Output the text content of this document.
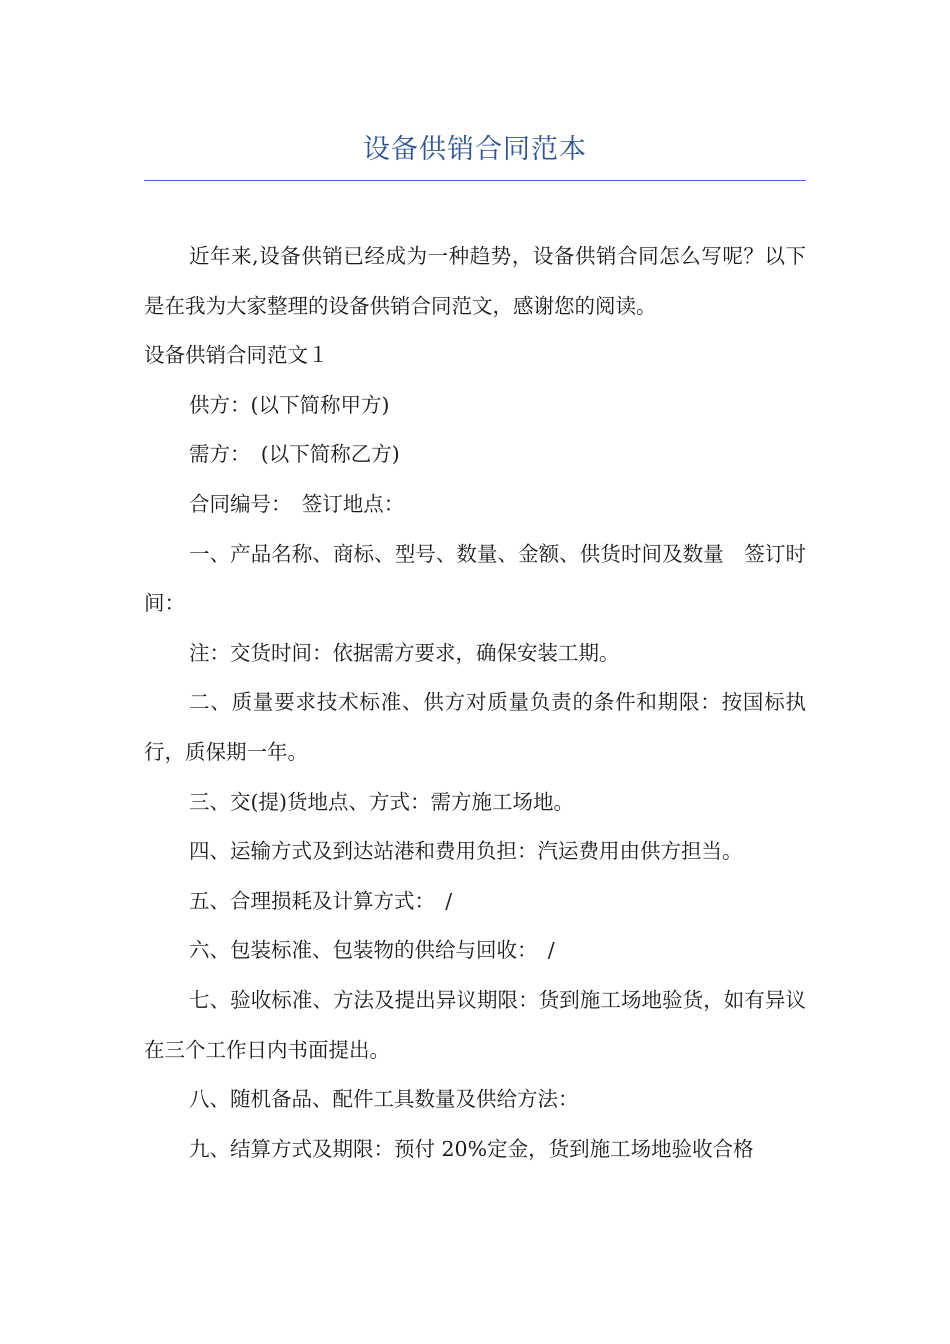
设备供销合同范本

近年来,设备供销已经成为一种趋势，设备供销合同怎么写呢？以下是在我为大家整理的设备供销合同范文，感谢您的阅读。

设备供销合同范文１

供方：(以下简称甲方)

需方：　(以下简称乙方)

合同编号：　签订地点：

一、产品名称、商标、型号、数量、金额、供货时间及数量　签订时间：

注：交货时间：依据需方要求，确保安装工期。

二、质量要求技术标准、供方对质量负责的条件和期限：按国标执行，质保期一年。

三、交(提)货地点、方式：需方施工场地。

四、运输方式及到达站港和费用负担：汽运费用由供方担当。

五、合理损耗及计算方式：　/

六、包装标准、包装物的供给与回收：　/

七、验收标准、方法及提出异议期限：货到施工场地验货，如有异议在三个工作日内书面提出。

八、随机备品、配件工具数量及供给方法：

九、结算方式及期限：预付 20%定金，货到施工场地验收合格
